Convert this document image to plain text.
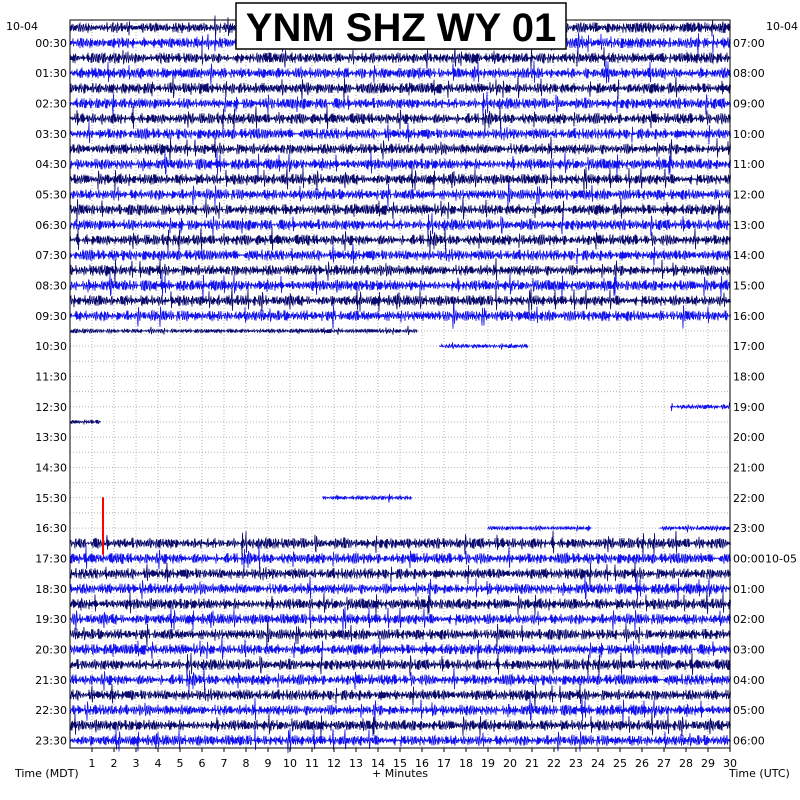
1 2 3 4 5 6 7 8 9 10 11 12 13 14 15 16 17 18 19 20 21 22 23 24 25 26 27 28 29 30
00:30
01:30
02:30
03:30
04:30
05:30
06:30
07:30
08:30
09:30
10:30
11:30
12:30
13:30
14:30
15:30
16:30
17:30
18:30
19:30
20:30
21:30
22:30
23:30
07:00
08:00
09:00
10:00
11:00
12:00
13:00
14:00
15:00
16:00
17:00
18:00
19:00
20:00
21:00
22:00
23:00
00:00 10-05
01:00
02:00
03:00
04:00
05:00
06:00
10-04	10-04
YNM SHZ WY 01
Time (MDT)	+ Minutes	Time (UTC)
